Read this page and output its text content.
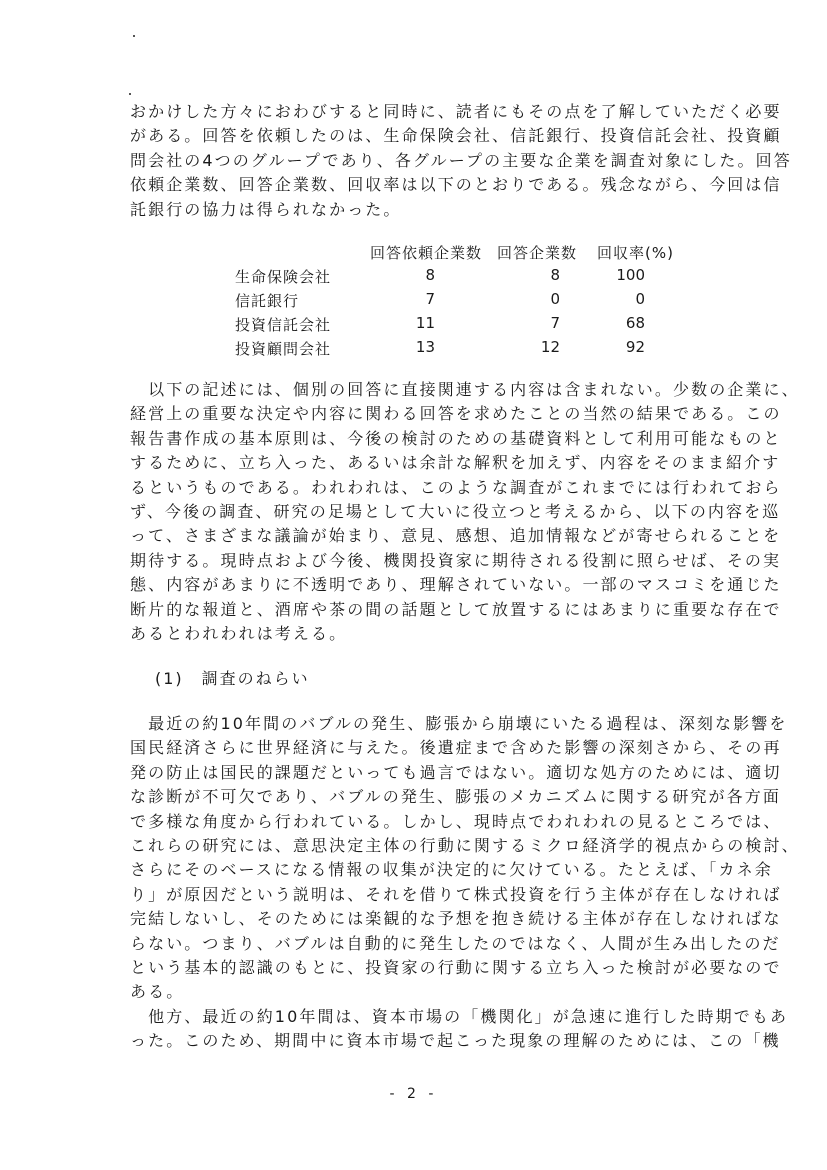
おかけした方々におわびすると同時に、読者にもその点を了解していただく必要
がある。回答を依頼したのは、生命保険会社、信託銀行、投資信託会社、投資顧
問会社の4つのグループであり、各グループの主要な企業を調査対象にした。回答
依頼企業数、回答企業数、回収率は以下のとおりである。残念ながら、今回は信
託銀行の協力は得られなかった。
回答依頼企業数 回答企業数 回収率(%)
生命保険会社	8	8	100
信託銀行	7	0	0
投資信託会社	11	7	68
投資顧問会社	13	12	92
　以下の記述には、個別の回答に直接関連する内容は含まれない。少数の企業に、
経営上の重要な決定や内容に関わる回答を求めたことの当然の結果である。この
報告書作成の基本原則は、今後の検討のための基礎資料として利用可能なものと
するために、立ち入った、あるいは余計な解釈を加えず、内容をそのまま紹介す
るというものである。われわれは、このような調査がこれまでには行われておら
ず、今後の調査、研究の足場として大いに役立つと考えるから、以下の内容を巡
って、さまざまな議論が始まり、意見、感想、追加情報などが寄せられることを
期待する。現時点および今後、機関投資家に期待される役割に照らせば、その実
態、内容があまりに不透明であり、理解されていない。一部のマスコミを通じた
断片的な報道と、酒席や茶の間の話題として放置するにはあまりに重要な存在で
あるとわれわれは考える。
(1)　調査のねらい
　最近の約10年間のバブルの発生、膨張から崩壊にいたる過程は、深刻な影響を
国民経済さらに世界経済に与えた。後遺症まで含めた影響の深刻さから、その再
発の防止は国民的課題だといっても過言ではない。適切な処方のためには、適切
な診断が不可欠であり、バブルの発生、膨張のメカニズムに関する研究が各方面
で多様な角度から行われている。しかし、現時点でわれわれの見るところでは、
これらの研究には、意思決定主体の行動に関するミクロ経済学的視点からの検討、
さらにそのベースになる情報の収集が決定的に欠けている。たとえば、「カネ余
り」が原因だという説明は、それを借りて株式投資を行う主体が存在しなければ
完結しないし、そのためには楽観的な予想を抱き続ける主体が存在しなければな
らない。つまり、バブルは自動的に発生したのではなく、人間が生み出したのだ
という基本的認識のもとに、投資家の行動に関する立ち入った検討が必要なので
ある。
　他方、最近の約10年間は、資本市場の「機関化」が急速に進行した時期でもあ
った。このため、期間中に資本市場で起こった現象の理解のためには、この「機
- 2 -
